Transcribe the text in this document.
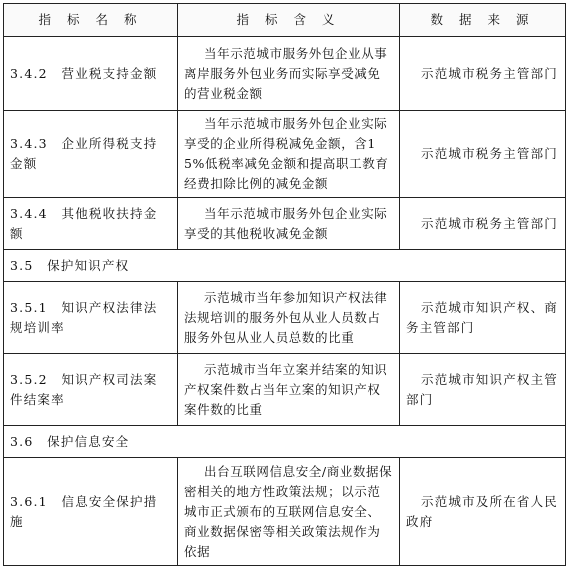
指 标 名 称	指 标 含 义	数 据 来 源
3.4.2　营业税支持金额	当年示范城市服务外包企业从事离岸服务外包业务而实际享受减免的营业税金额	示范城市税务主管部门
3.4.3　企业所得税支持金额	当年示范城市服务外包企业实际享受的企业所得税减免金额，含15%低税率减免金额和提高职工教育经费扣除比例的减免金额	示范城市税务主管部门
3.4.4　其他税收扶持金额	当年示范城市服务外包企业实际享受的其他税收减免金额	示范城市税务主管部门
3.5　保护知识产权		
3.5.1　知识产权法律法规培训率	示范城市当年参加知识产权法律法规培训的服务外包从业人员数占服务外包从业人员总数的比重	示范城市知识产权、商务主管部门
3.5.2　知识产权司法案件结案率	示范城市当年立案并结案的知识产权案件数占当年立案的知识产权案件数的比重	示范城市知识产权主管部门
3.6　保护信息安全		
3.6.1　信息安全保护措施	出台互联网信息安全/商业数据保密相关的地方性政策法规；以示范城市正式颁布的互联网信息安全、商业数据保密等相关政策法规作为依据	示范城市及所在省人民政府
